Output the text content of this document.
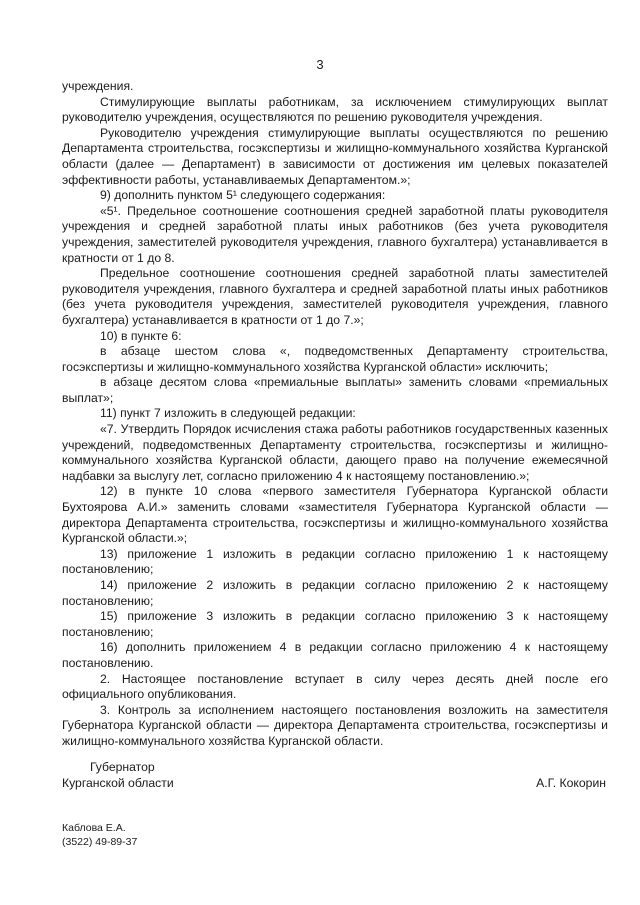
3

учреждения.

Стимулирующие выплаты работникам, за исключением стимулирующих выплат руководителю учреждения, осуществляются по решению руководителя учреждения.

Руководителю учреждения стимулирующие выплаты осуществляются по решению Департамента строительства, госэкспертизы и жилищно-коммунального хозяйства Курганской области (далее — Департамент) в зависимости от достижения им целевых показателей эффективности работы, устанавливаемых Департаментом.»;

9) дополнить пунктом 5¹ следующего содержания:

«5¹. Предельное соотношение соотношения средней заработной платы руководителя учреждения и средней заработной платы иных работников (без учета руководителя учреждения, заместителей руководителя учреждения, главного бухгалтера) устанавливается в кратности от 1 до 8.

Предельное соотношение соотношения средней заработной платы заместителей руководителя учреждения, главного бухгалтера и средней заработной платы иных работников (без учета руководителя учреждения, заместителей руководителя учреждения, главного бухгалтера) устанавливается в кратности от 1 до 7.»;

10) в пункте 6:

в абзаце шестом слова «, подведомственных Департаменту строительства, госэкспертизы и жилищно-коммунального хозяйства Курганской области» исключить;

в абзаце десятом слова «премиальные выплаты» заменить словами «премиальных выплат»;

11) пункт 7 изложить в следующей редакции:

«7. Утвердить Порядок исчисления стажа работы работников государственных казенных учреждений, подведомственных Департаменту строительства, госэкспертизы и жилищно-коммунального хозяйства Курганской области, дающего право на получение ежемесячной надбавки за выслугу лет, согласно приложению 4 к настоящему постановлению.»;

12) в пункте 10 слова «первого заместителя Губернатора Курганской области Бухтоярова А.И.» заменить словами «заместителя Губернатора Курганской области — директора Департамента строительства, госэкспертизы и жилищно-коммунального хозяйства Курганской области.»;

13) приложение 1 изложить в редакции согласно приложению 1 к настоящему постановлению;

14) приложение 2 изложить в редакции согласно приложению 2 к настоящему постановлению;

15) приложение 3 изложить в редакции согласно приложению 3 к настоящему постановлению;

16) дополнить приложением 4 в редакции согласно приложению 4 к настоящему постановлению.

2. Настоящее постановление вступает в силу через десять дней после его официального опубликования.

3. Контроль за исполнением настоящего постановления возложить на заместителя Губернатора Курганской области — директора Департамента строительства, госэкспертизы и жилищно-коммунального хозяйства Курганской области.

Губернатор
Курганской области	А.Г. Кокорин
Каблова Е.А.
(3522) 49-89-37
